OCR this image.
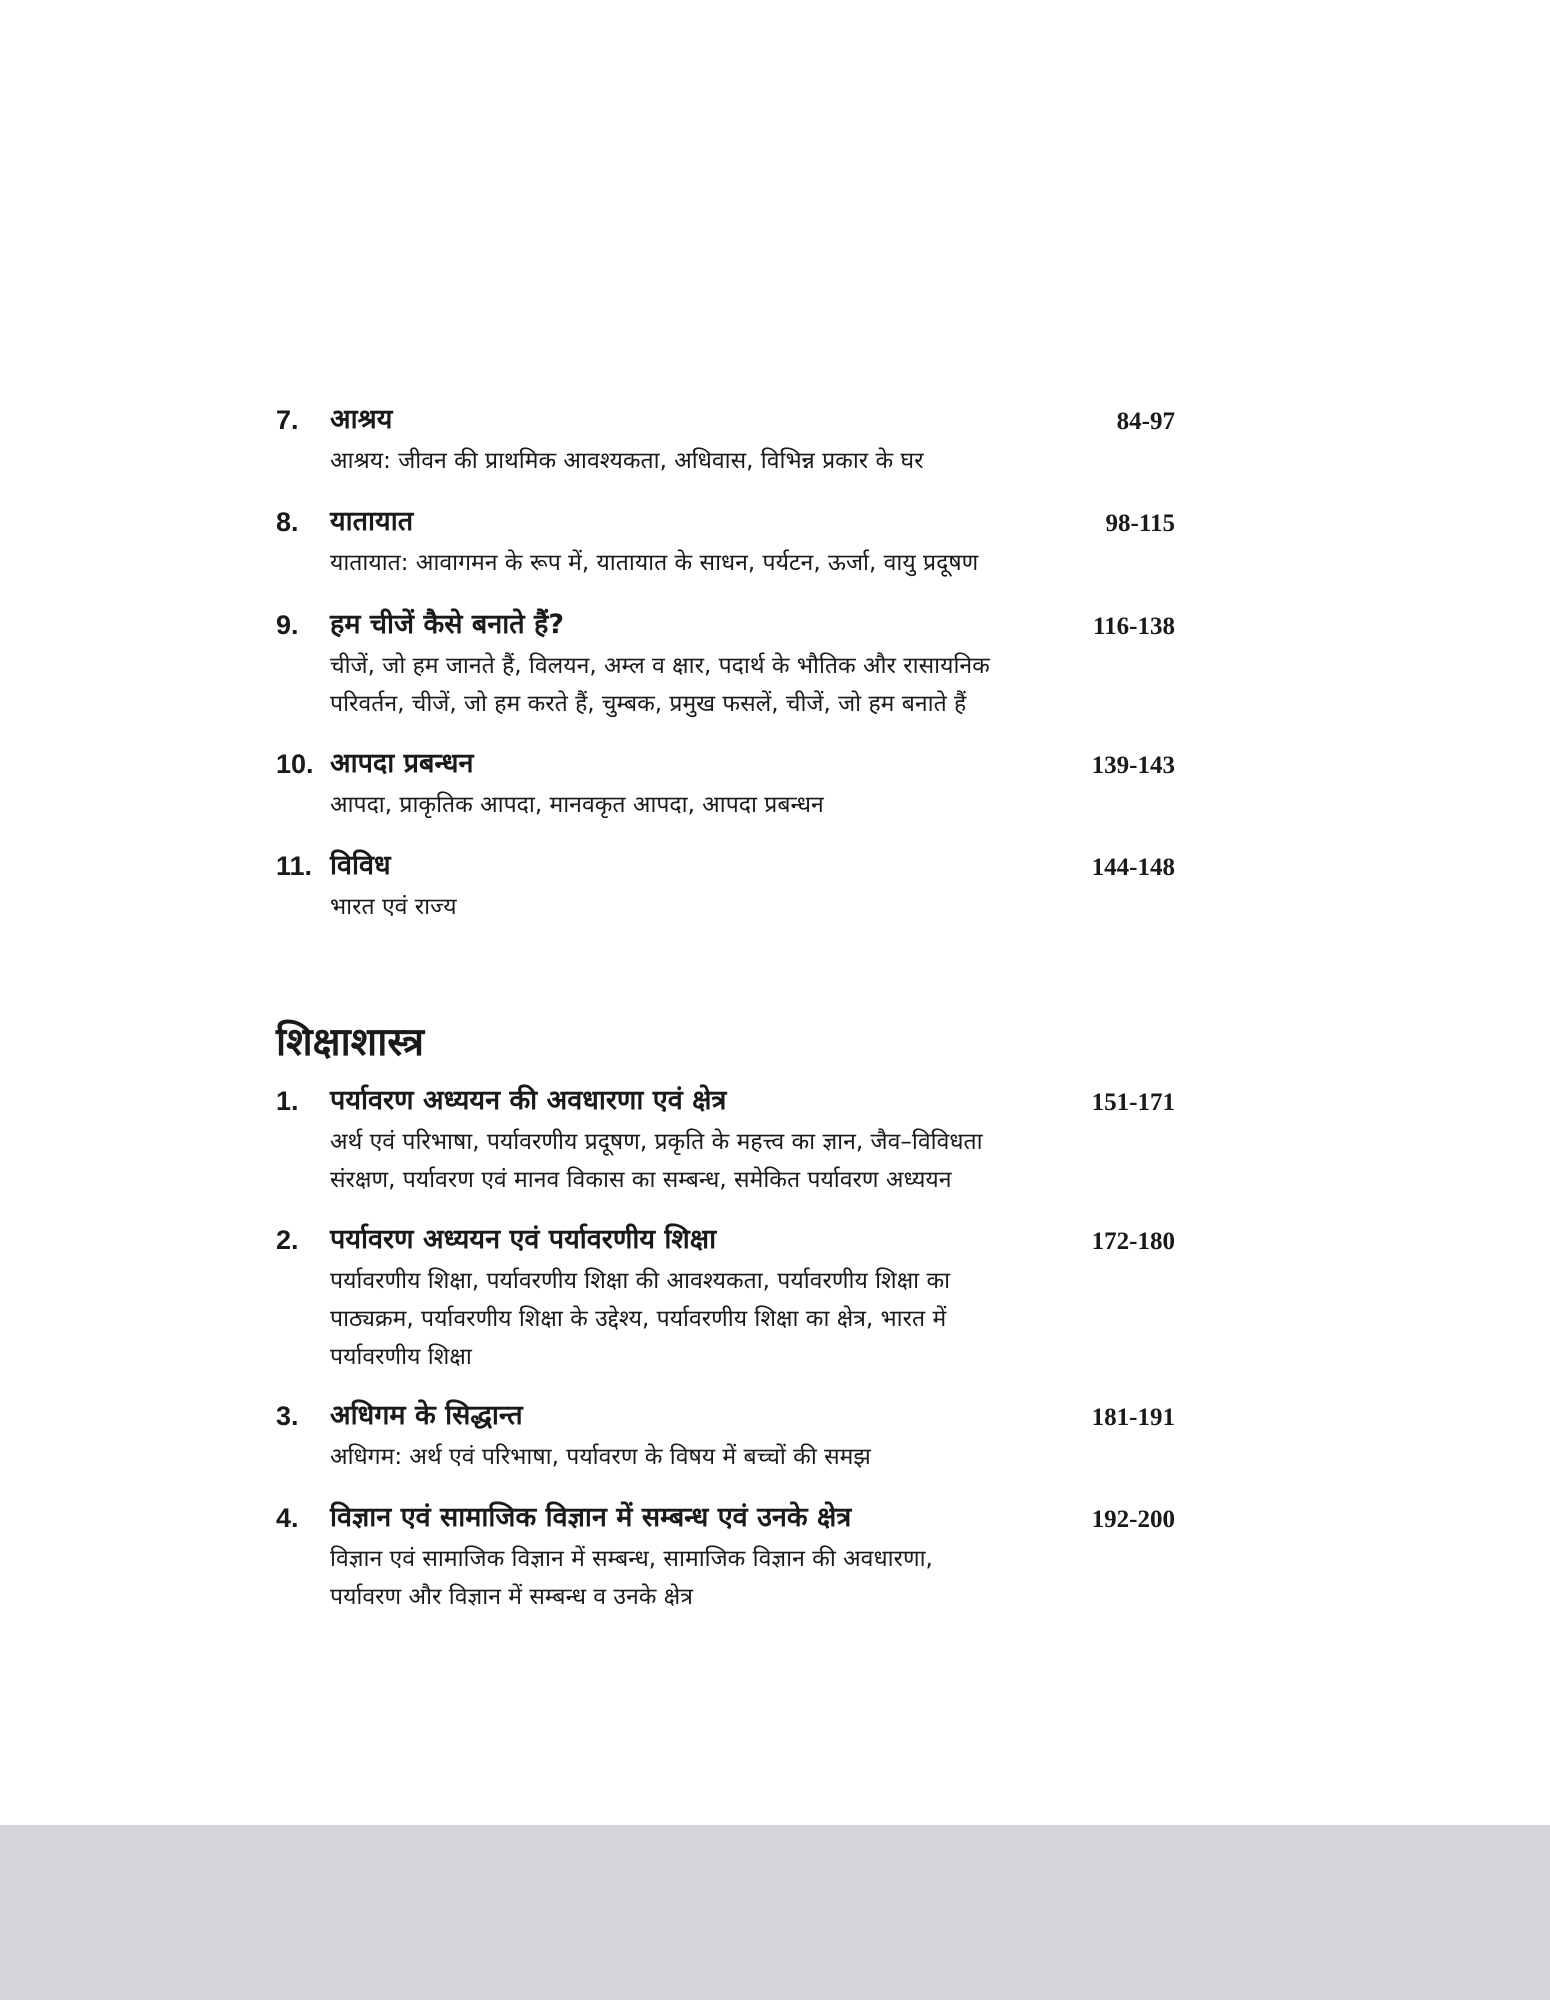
7. आश्रय	84-97
आश्रय: जीवन की प्राथमिक आवश्यकता, अधिवास, विभिन्न प्रकार के घर
8. यातायात	98-115
यातायात: आवागमन के रूप में, यातायात के साधन, पर्यटन, ऊर्जा, वायु प्रदूषण
9. हम चीजें कैसे बनाते हैं?	116-138
चीजें, जो हम जानते हैं, विलयन, अम्ल व क्षार, पदार्थ के भौतिक और रासायनिक
परिवर्तन, चीजें, जो हम करते हैं, चुम्बक, प्रमुख फसलें, चीजें, जो हम बनाते हैं
10. आपदा प्रबन्धन	139-143
आपदा, प्राकृतिक आपदा, मानवकृत आपदा, आपदा प्रबन्धन
11. विविध	144-148
भारत एवं राज्य
शिक्षाशास्त्र
1. पर्यावरण अध्ययन की अवधारणा एवं क्षेत्र	151-171
अर्थ एवं परिभाषा, पर्यावरणीय प्रदूषण, प्रकृति के महत्त्व का ज्ञान, जैव–विविधता
संरक्षण, पर्यावरण एवं मानव विकास का सम्बन्ध, समेकित पर्यावरण अध्ययन
2. पर्यावरण अध्ययन एवं पर्यावरणीय शिक्षा	172-180
पर्यावरणीय शिक्षा, पर्यावरणीय शिक्षा की आवश्यकता, पर्यावरणीय शिक्षा का
पाठ्यक्रम, पर्यावरणीय शिक्षा के उद्देश्य, पर्यावरणीय शिक्षा का क्षेत्र, भारत में
पर्यावरणीय शिक्षा
3. अधिगम के सिद्धान्त	181-191
अधिगम: अर्थ एवं परिभाषा, पर्यावरण के विषय में बच्चों की समझ
4. विज्ञान एवं सामाजिक विज्ञान में सम्बन्ध एवं उनके क्षेत्र	192-200
विज्ञान एवं सामाजिक विज्ञान में सम्बन्ध, सामाजिक विज्ञान की अवधारणा,
पर्यावरण और विज्ञान में सम्बन्ध व उनके क्षेत्र
